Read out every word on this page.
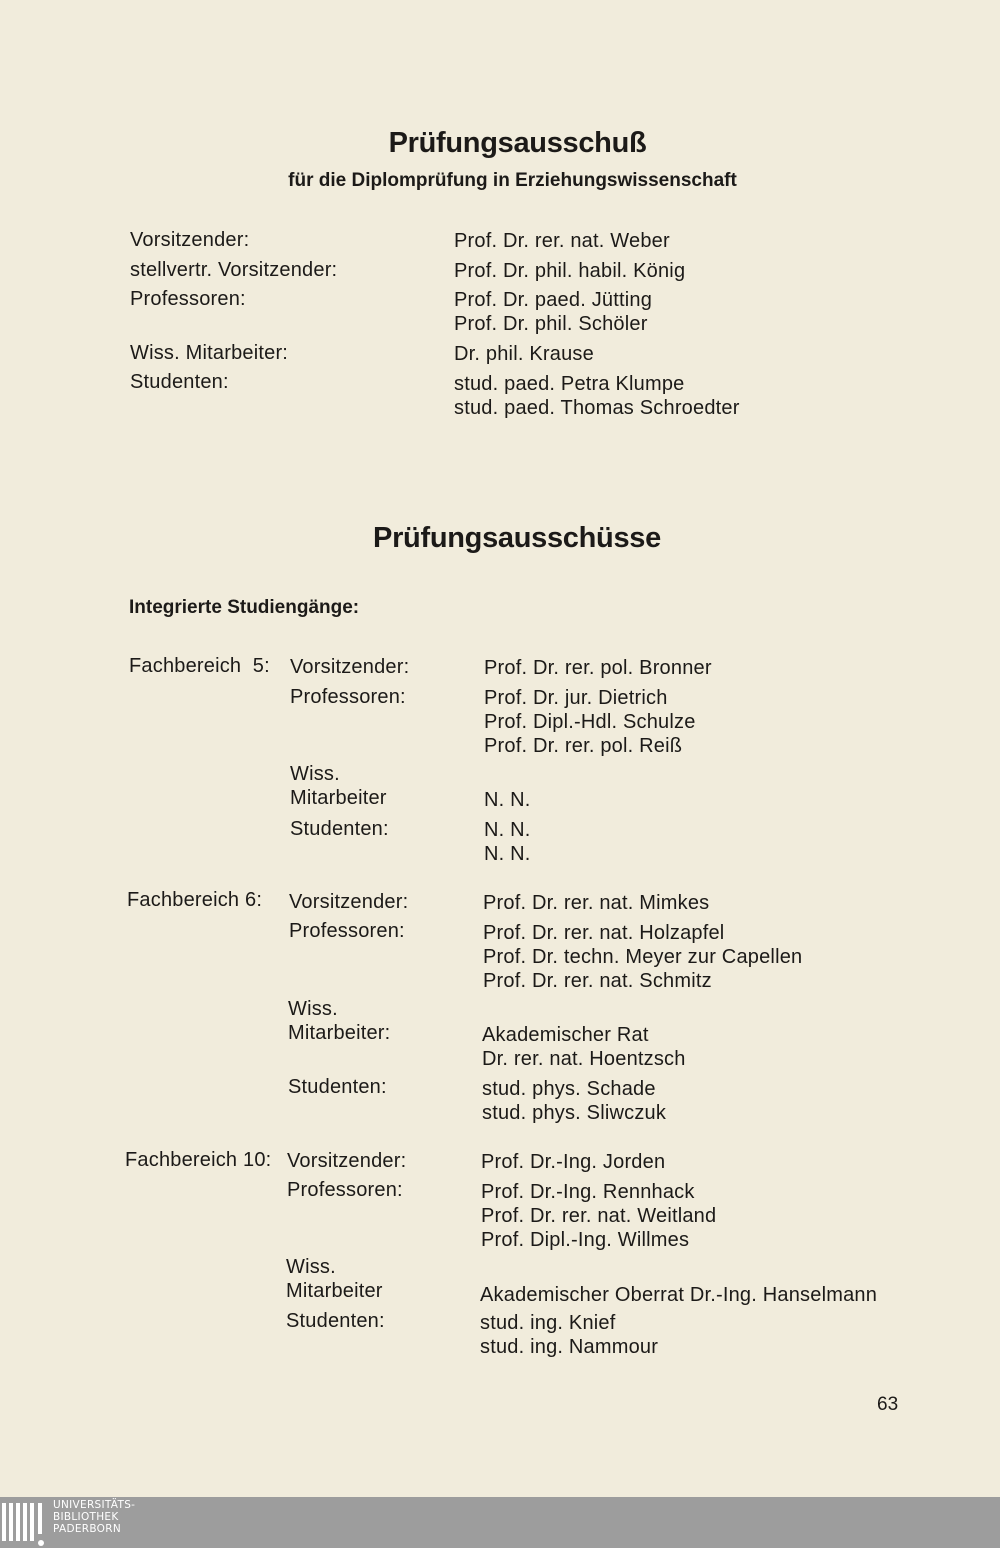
Prüfungsausschuß
für die Diplomprüfung in Erziehungswissenschaft
Vorsitzender:
stellvertr. Vorsitzender:
Professoren:
Wiss. Mitarbeiter:
Studenten:
Prof. Dr. rer. nat. Weber
Prof. Dr. phil. habil. König
Prof. Dr. paed. Jütting
Prof. Dr. phil. Schöler
Dr. phil. Krause
stud. paed. Petra Klumpe
stud. paed. Thomas Schroedter
Prüfungsausschüsse
Integrierte Studiengänge:
Fachbereich  5: Vorsitzender:
Professoren:
Wiss.
Mitarbeiter
Studenten:
Prof. Dr. rer. pol. Bronner
Prof. Dr. jur. Dietrich
Prof. Dipl.-Hdl. Schulze
Prof. Dr. rer. pol. Reiß
N. N.
N. N.
N. N.
Fachbereich 6: Vorsitzender:
Professoren:
Wiss.
Mitarbeiter:
Studenten:
Prof. Dr. rer. nat. Mimkes
Prof. Dr. rer. nat. Holzapfel
Prof. Dr. techn. Meyer zur Capellen
Prof. Dr. rer. nat. Schmitz
Akademischer Rat
Dr. rer. nat. Hoentzsch
stud. phys. Schade
stud. phys. Sliwczuk
Fachbereich 10: Vorsitzender:
Professoren:
Wiss.
Mitarbeiter
Studenten:
Prof. Dr.-Ing. Jorden
Prof. Dr.-Ing. Rennhack
Prof. Dr. rer. nat. Weitland
Prof. Dipl.-Ing. Willmes
Akademischer Oberrat Dr.-Ing. Hanselmann
stud. ing. Knief
stud. ing. Nammour
63
UNIVERSITÄTS-
BIBLIOTHEK
PADERBORN
